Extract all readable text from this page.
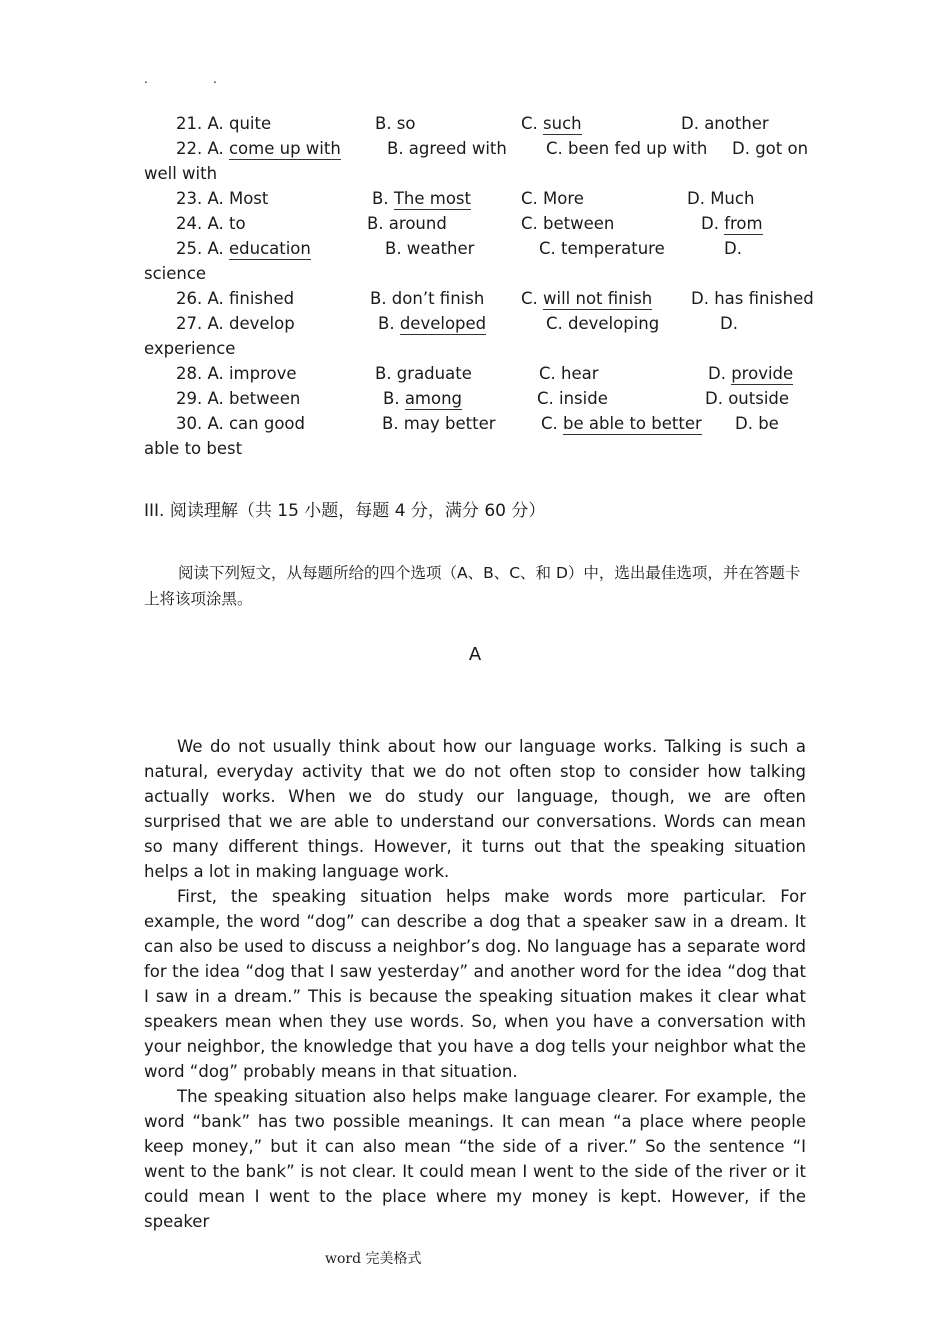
.	.
21. A. quite	B. so	C. such	D. another
22. A. come up with	B. agreed with C. been fed up with D. got on
well with
23. A. Most	B. The most	C. More	D. Much
24. A. to	B. around	C. between	D. from
25. A. education	B. weather	C. temperature	D.
science
26. A. finished	B. don’t finish C. will not finish D. has finished
27. A. develop	B. developed	C. developing	D.
experience
28. A. improve	B. graduate	C. hear	D. provide
29. A. between	B. among	C. inside	D. outside
30. A. can good	B. may better	C. be able to better D. be
able to best
III. 阅读理解（共 15 小题，每题 4 分，满分 60 分）
阅读下列短文，从每题所给的四个选项（A、B、C、和 D）中，选出最佳选项，并在答题卡上将该项涂黑。
A

We do not usually think about how our language works. Talking is such a natural, everyday activity that we do not often stop to consider how talking actually works. When we do study our language, though, we are often surprised that we are able to understand our conversations. Words can mean so many different things. However, it turns out that the speaking situation helps a lot in making language work.

First, the speaking situation helps make words more particular. For example, the word “dog” can describe a dog that a speaker saw in a dream. It can also be used to discuss a neighbor’s dog. No language has a separate word for the idea “dog that I saw yesterday” and another word for the idea “dog that I saw in a dream.” This is because the speaking situation makes it clear what speakers mean when they use words. So, when you have a conversation with your neighbor, the knowledge that you have a dog tells your neighbor what the word “dog” probably means in that situation.

The speaking situation also helps make language clearer. For example, the word “bank” has two possible meanings. It can mean “a place where people keep money,” but it can also mean “the side of a river.” So the sentence “I went to the bank” is not clear. It could mean I went to the side of the river or it could mean I went to the place where my money is kept. However, if the speaker

word 完美格式
